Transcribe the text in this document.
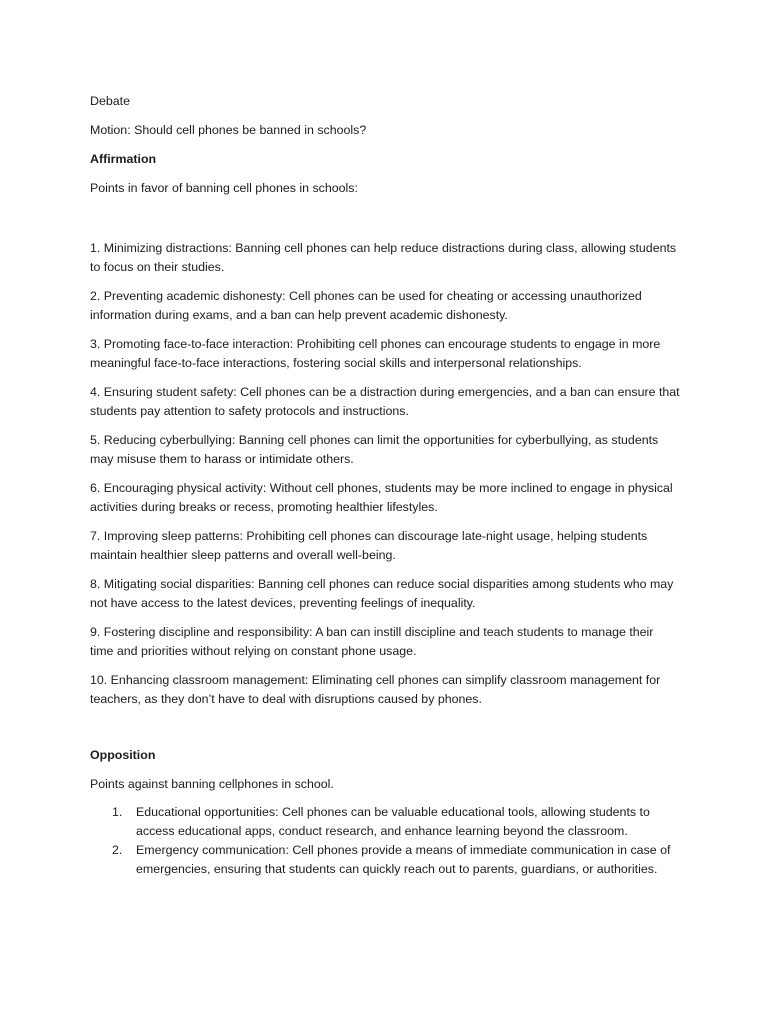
Debate

Motion: Should cell phones be banned in schools?

Affirmation

Points in favor of banning cell phones in schools:

1. Minimizing distractions: Banning cell phones can help reduce distractions during class, allowing students to focus on their studies.

2. Preventing academic dishonesty: Cell phones can be used for cheating or accessing unauthorized information during exams, and a ban can help prevent academic dishonesty.

3. Promoting face-to-face interaction: Prohibiting cell phones can encourage students to engage in more meaningful face-to-face interactions, fostering social skills and interpersonal relationships.

4. Ensuring student safety: Cell phones can be a distraction during emergencies, and a ban can ensure that students pay attention to safety protocols and instructions.

5. Reducing cyberbullying: Banning cell phones can limit the opportunities for cyberbullying, as students may misuse them to harass or intimidate others.

6. Encouraging physical activity: Without cell phones, students may be more inclined to engage in physical activities during breaks or recess, promoting healthier lifestyles.

7. Improving sleep patterns: Prohibiting cell phones can discourage late-night usage, helping students maintain healthier sleep patterns and overall well-being.

8. Mitigating social disparities: Banning cell phones can reduce social disparities among students who may not have access to the latest devices, preventing feelings of inequality.

9. Fostering discipline and responsibility: A ban can instill discipline and teach students to manage their time and priorities without relying on constant phone usage.

10. Enhancing classroom management: Eliminating cell phones can simplify classroom management for teachers, as they don’t have to deal with disruptions caused by phones.

Opposition

Points against banning cellphones in school.

1. Educational opportunities: Cell phones can be valuable educational tools, allowing students to access educational apps, conduct research, and enhance learning beyond the classroom.
2. Emergency communication: Cell phones provide a means of immediate communication in case of emergencies, ensuring that students can quickly reach out to parents, guardians, or authorities.
